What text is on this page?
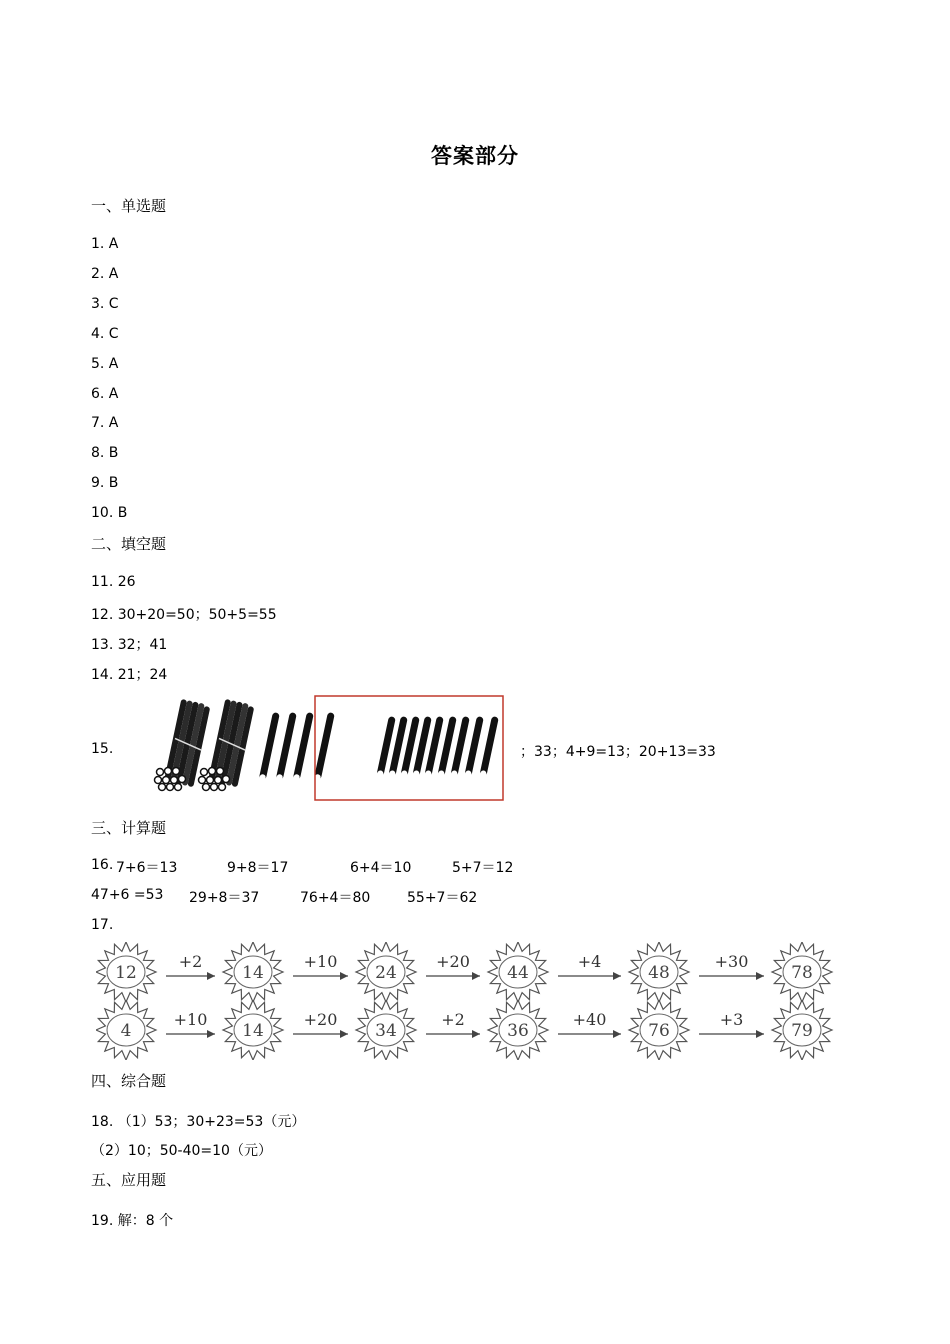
答案部分
一、单选题
1. A
2. A
3. C
4. C
5. A
6. A
7. A
8. B
9. B
10. B
二、填空题
11. 26
12. 30+20=50；50+5=55
13. 32；41
14. 21；24
15.	；33；4+9=13；20+13=33
三、计算题
16. 7+6＝13	9+8＝17	6+4＝10	5+7＝12
47+6 =53 29+8＝37	76+4＝80	55+7＝62
17.
12	14	24	44	48	78
+2	+10	+20	+4	+30
4	14	34	36	76	79
+10	+20	+2	+40	+3
四、综合题
18. （1）53；30+23=53（元）
（2）10；50-40=10（元）
五、应用题
19. 解：8 个
